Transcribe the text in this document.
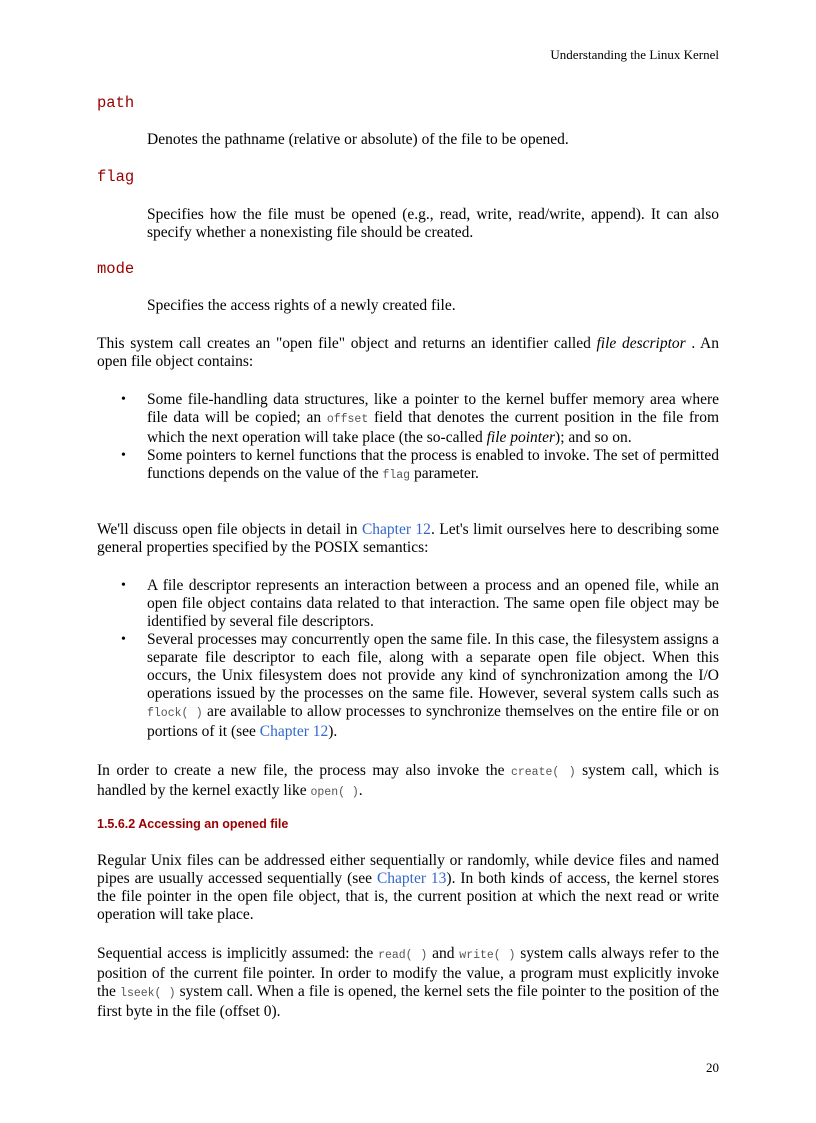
Understanding the Linux Kernel
path
Denotes the pathname (relative or absolute) of the file to be opened.
flag
Specifies how the file must be opened (e.g., read, write, read/write, append). It can also specify whether a nonexisting file should be created.
mode
Specifies the access rights of a newly created file.
This system call creates an "open file" object and returns an identifier called file descriptor . An open file object contains:
• Some file-handling data structures, like a pointer to the kernel buffer memory area where file data will be copied; an offset field that denotes the current position in the file from which the next operation will take place (the so-called file pointer); and so on.
• Some pointers to kernel functions that the process is enabled to invoke. The set of permitted functions depends on the value of the flag parameter.
We'll discuss open file objects in detail in Chapter 12. Let's limit ourselves here to describing some general properties specified by the POSIX semantics:
• A file descriptor represents an interaction between a process and an opened file, while an open file object contains data related to that interaction. The same open file object may be identified by several file descriptors.
• Several processes may concurrently open the same file. In this case, the filesystem assigns a separate file descriptor to each file, along with a separate open file object. When this occurs, the Unix filesystem does not provide any kind of synchronization among the I/O operations issued by the processes on the same file. However, several system calls such as flock( ) are available to allow processes to synchronize themselves on the entire file or on portions of it (see Chapter 12).
In order to create a new file, the process may also invoke the create( ) system call, which is handled by the kernel exactly like open( ).
1.5.6.2 Accessing an opened file
Regular Unix files can be addressed either sequentially or randomly, while device files and named pipes are usually accessed sequentially (see Chapter 13). In both kinds of access, the kernel stores the file pointer in the open file object, that is, the current position at which the next read or write operation will take place.
Sequential access is implicitly assumed: the read( ) and write( ) system calls always refer to the position of the current file pointer. In order to modify the value, a program must explicitly invoke the lseek( ) system call. When a file is opened, the kernel sets the file pointer to the position of the first byte in the file (offset 0).
20
